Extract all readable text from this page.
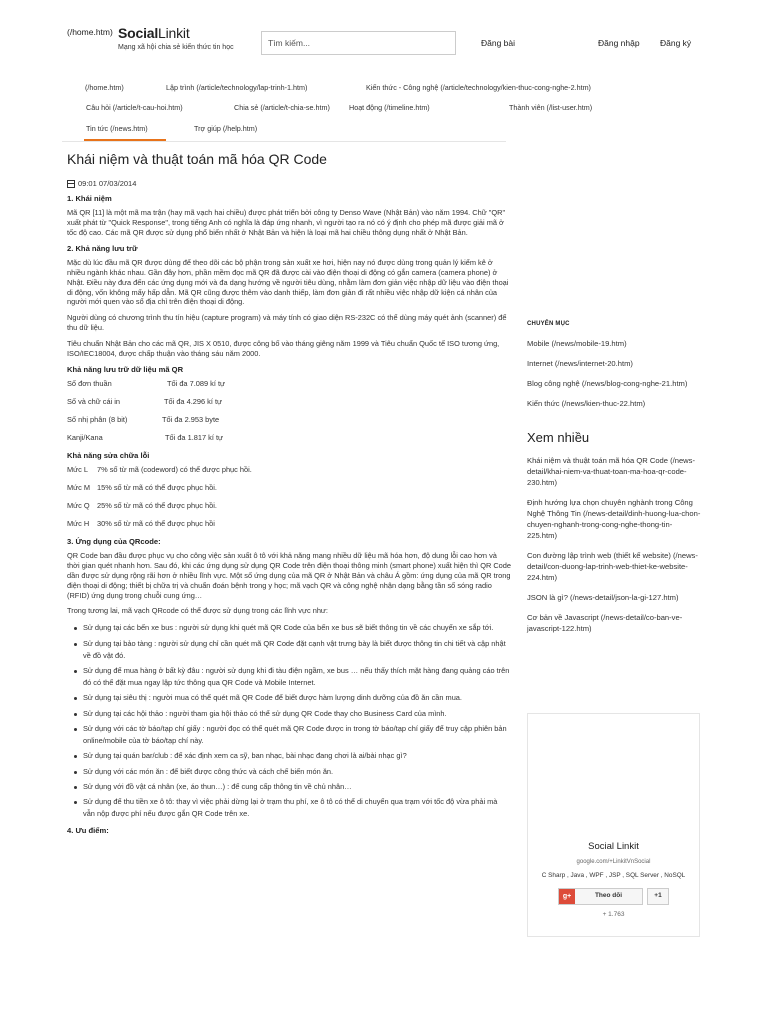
(/home.htm) SocialLinkit
Mạng xã hội chia sẻ kiến thức tin học
Tìm kiếm...	Đăng bài	Đăng nhập Đăng ký
(/home.htm)	Lập trình (/article/technology/lap-trinh-1.htm)	Kiến thức - Công nghệ (/article/technology/kien-thuc-cong-nghe-2.htm)
Câu hỏi (/article/t-cau-hoi.htm)	Chia sẻ (/article/t-chia-se.htm)	Hoạt động (/timeline.htm)	Thành viên (/list-user.htm)
Tin tức (/news.htm)	Trợ giúp (/help.htm)
Khái niệm và thuật toán mã hóa QR Code
09:01 07/03/2014
1. Khái niệm

Mã QR [11] là một mã ma trận (hay mã vạch hai chiều) được phát triển bởi công ty Denso Wave (Nhật Bản) vào năm 1994. Chữ "QR" xuất phát từ "Quick Response", trong tiếng Anh có nghĩa là đáp ứng nhanh, vì người tạo ra nó có ý định cho phép mã được giải mã ở tốc độ cao. Các mã QR được sử dụng phổ biến nhất ở Nhật Bản và hiện là loại mã hai chiều thông dụng nhất ở Nhật Bản.

2. Khả năng lưu trữ

Mặc dù lúc đầu mã QR được dùng để theo dõi các bộ phận trong sản xuất xe hơi, hiện nay nó được dùng trong quản lý kiểm kê ở nhiều ngành khác nhau. Gần đây hơn, phần mềm đọc mã QR đã được cài vào điện thoại di động có gắn camera (camera phone) ở Nhật. Điều này đưa đến các ứng dụng mới và đa dạng hướng về người tiêu dùng, nhằm làm đơn giản việc nhập dữ liệu vào điện thoại di động, vốn không mấy hấp dẫn. Mã QR cũng được thêm vào danh thiếp, làm đơn giản đi rất nhiều việc nhập dữ kiện cá nhân của người mới quen vào sổ địa chỉ trên điện thoại di động.

Người dùng có chương trình thu tín hiệu (capture program) và máy tính có giao diện RS-232C có thể dùng máy quét ảnh (scanner) để thu dữ liệu.

Tiêu chuẩn Nhật Bản cho các mã QR, JIS X 0510, được công bố vào tháng giêng năm 1999 và Tiêu chuẩn Quốc tế ISO tương ứng, ISO/IEC18004, được chấp thuận vào tháng sáu năm 2000.

Khả năng lưu trữ dữ liệu mã QR
Số đơn thuần	Tối đa 7.089 kí tự
Số và chữ cái in	Tối đa 4.296 kí tự
Số nhị phân (8 bit)	Tối đa 2.953 byte
Kanji/Kana	Tối đa 1.817 kí tự
Khả năng sửa chữa lỗi
Mức L	7% số từ mã (codeword) có thể được phục hồi.
Mức M 15% số từ mã có thể được phục hồi.
Mức Q 25% số từ mã có thể được phục hồi.
Mức H	30% số từ mã có thể được phục hồi
3. Ứng dụng của QRcode:

QR Code ban đầu được phục vụ cho công việc sản xuất ô tô với khả năng mang nhiều dữ liệu mã hóa hơn, độ dung lỗi cao hơn và thời gian quét nhanh hơn. Sau đó, khi các ứng dụng sử dụng QR Code trên điện thoại thông minh (smart phone) xuất hiện thì QR Code dần được sử dụng rộng rãi hơn ở nhiều lĩnh vực. Một số ứng dụng của mã QR ở Nhật Bản và châu Á gồm: ứng dụng của mã QR trong điện thoại di động; thiết bị chữa trị và chuẩn đoán bệnh trong y học; mã vạch QR và công nghệ nhận dạng bằng tần số sóng radio (RFID) ứng dụng trong chuỗi cung ứng…

Trong tương lai, mã vạch QRcode có thể được sử dụng trong các lĩnh vực như:

Sử dụng tại các bến xe bus : người sử dụng khi quét mã QR Code của bến xe bus sẽ biết thông tin về các chuyến xe sắp tới.
Sử dụng tại bảo tàng : người sử dụng chỉ cần quét mã QR Code đặt cạnh vật trưng bày là biết được thông tin chi tiết và cập nhật về đồ vật đó.
Sử dụng để mua hàng ở bất kỳ đâu : người sử dụng khi đi tàu điện ngầm, xe bus … nếu thấy thích mặt hàng đang quảng cáo trên đó có thể đặt mua ngay lập tức thông qua QR Code và Mobile Internet.
Sử dụng tại siêu thị : người mua có thể quét mã QR Code để biết được hàm lượng dinh dưỡng của đồ ăn cần mua.
Sử dụng tại các hội thảo : người tham gia hội thảo có thể sử dụng QR Code thay cho Business Card của mình.
Sử dụng với các tờ báo/tạp chí giấy : người đọc có thể quét mã QR Code được in trong tờ báo/tạp chí giấy để truy cập phiên bản online/mobile của tờ báo/tạp chí này.
Sử dụng tại quán bar/club : để xác định xem ca sỹ, ban nhạc, bài nhạc đang chơi là ai/bài nhạc gì?
Sử dụng với các món ăn : để biết được công thức và cách chế biến món ăn.
Sử dụng với đồ vật cá nhân (xe, áo thun…) : để cung cấp thông tin về chủ nhân…
Sử dụng để thu tiền xe ô tô: thay vì việc phải dừng lại ở trạm thu phí, xe ô tô có thể di chuyển qua trạm với tốc độ vừa phải mà vẫn nộp được phí nếu được gắn QR Code trên xe.
4. Ưu điểm:
CHUYÊN MỤC
Mobile (/news/mobile-19.htm)
Internet (/news/internet-20.htm)
Blog công nghệ (/news/blog-cong-nghe-21.htm)
Kiến thức (/news/kien-thuc-22.htm)
Xem nhiều
Khái niệm và thuật toán mã hóa QR Code (/news-detail/khai-niem-va-thuat-toan-ma-hoa-qr-code-230.htm)
Định hướng lựa chọn chuyên nghành trong Công Nghệ Thông Tin (/news-detail/dinh-huong-lua-chon-chuyen-nghanh-trong-cong-nghe-thong-tin-225.htm)
Con đường lập trình web (thiết kế website) (/news-detail/con-duong-lap-trinh-web-thiet-ke-website-224.htm)
JSON là gì? (/news-detail/json-la-gi-127.htm)
Cơ bản về Javascript (/news-detail/co-ban-ve-javascript-122.htm)
Social Linkit
google.com/+LinkitVnSocial
C Sharp , Java , WPF , JSP , SQL Server , NoSQL
g+	Theo dõi	+1
+ 1.763
